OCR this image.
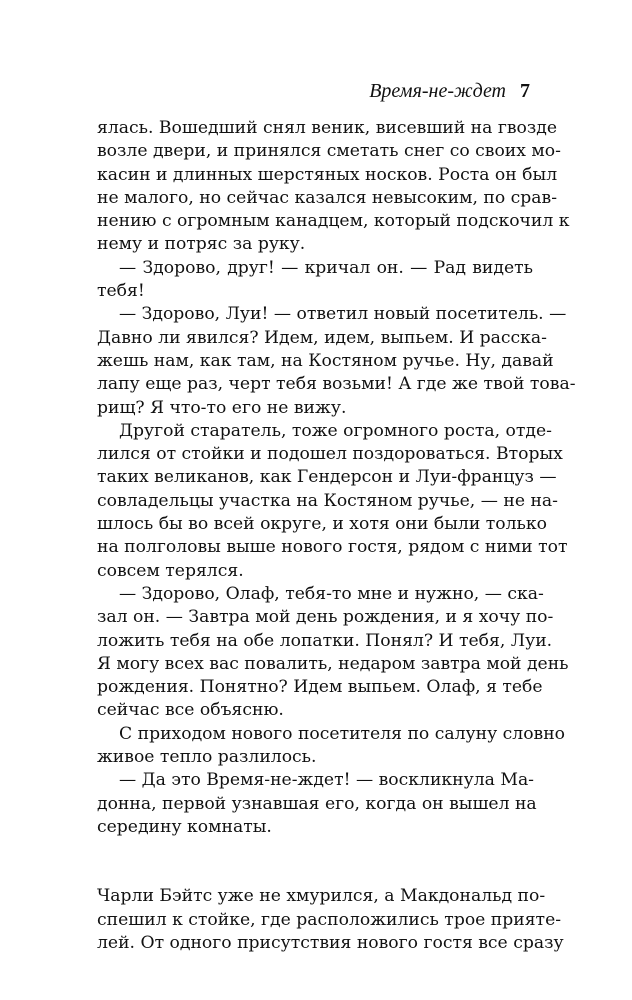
Время-не-ждет 7
ялась. Вошедший снял веник, висевший на гвозде
возле двери, и принялся сметать снег со своих мо-
касин и длинных шерстяных носков. Роста он был
не малого, но сейчас казался невысоким, по срав-
нению с огромным канадцем, который подскочил к
нему и потряс за руку.
— Здорово, друг! — кричал он. — Рад видеть
тебя!
— Здорово, Луи! — ответил новый посетитель. —
Давно ли явился? Идем, идем, выпьем. И расска-
жешь нам, как там, на Костяном ручье. Ну, давай
лапу еще раз, черт тебя возьми! А где же твой това-
рищ? Я что-то его не вижу.
Другой старатель, тоже огромного роста, отде-
лился от стойки и подошел поздороваться. Вторых
таких великанов, как Гендерсон и Луи-француз —
совладельцы участка на Костяном ручье, — не на-
шлось бы во всей округе, и хотя они были только
на полголовы выше нового гостя, рядом с ними тот
совсем терялся.
— Здорово, Олаф, тебя-то мне и нужно, — ска-
зал он. — Завтра мой день рождения, и я хочу по-
ложить тебя на обе лопатки. Понял? И тебя, Луи.
Я могу всех вас повалить, недаром завтра мой день
рождения. Понятно? Идем выпьем. Олаф, я тебе
сейчас все объясню.
С приходом нового посетителя по салуну словно
живое тепло разлилось.
— Да это Время-не-ждет! — воскликнула Ма-
донна, первой узнавшая его, когда он вышел на
середину комнаты.
Чарли Бэйтс уже не хмурился, а Макдональд по-
спешил к стойке, где расположились трое прияте-
лей. От одного присутствия нового гостя все сразу
